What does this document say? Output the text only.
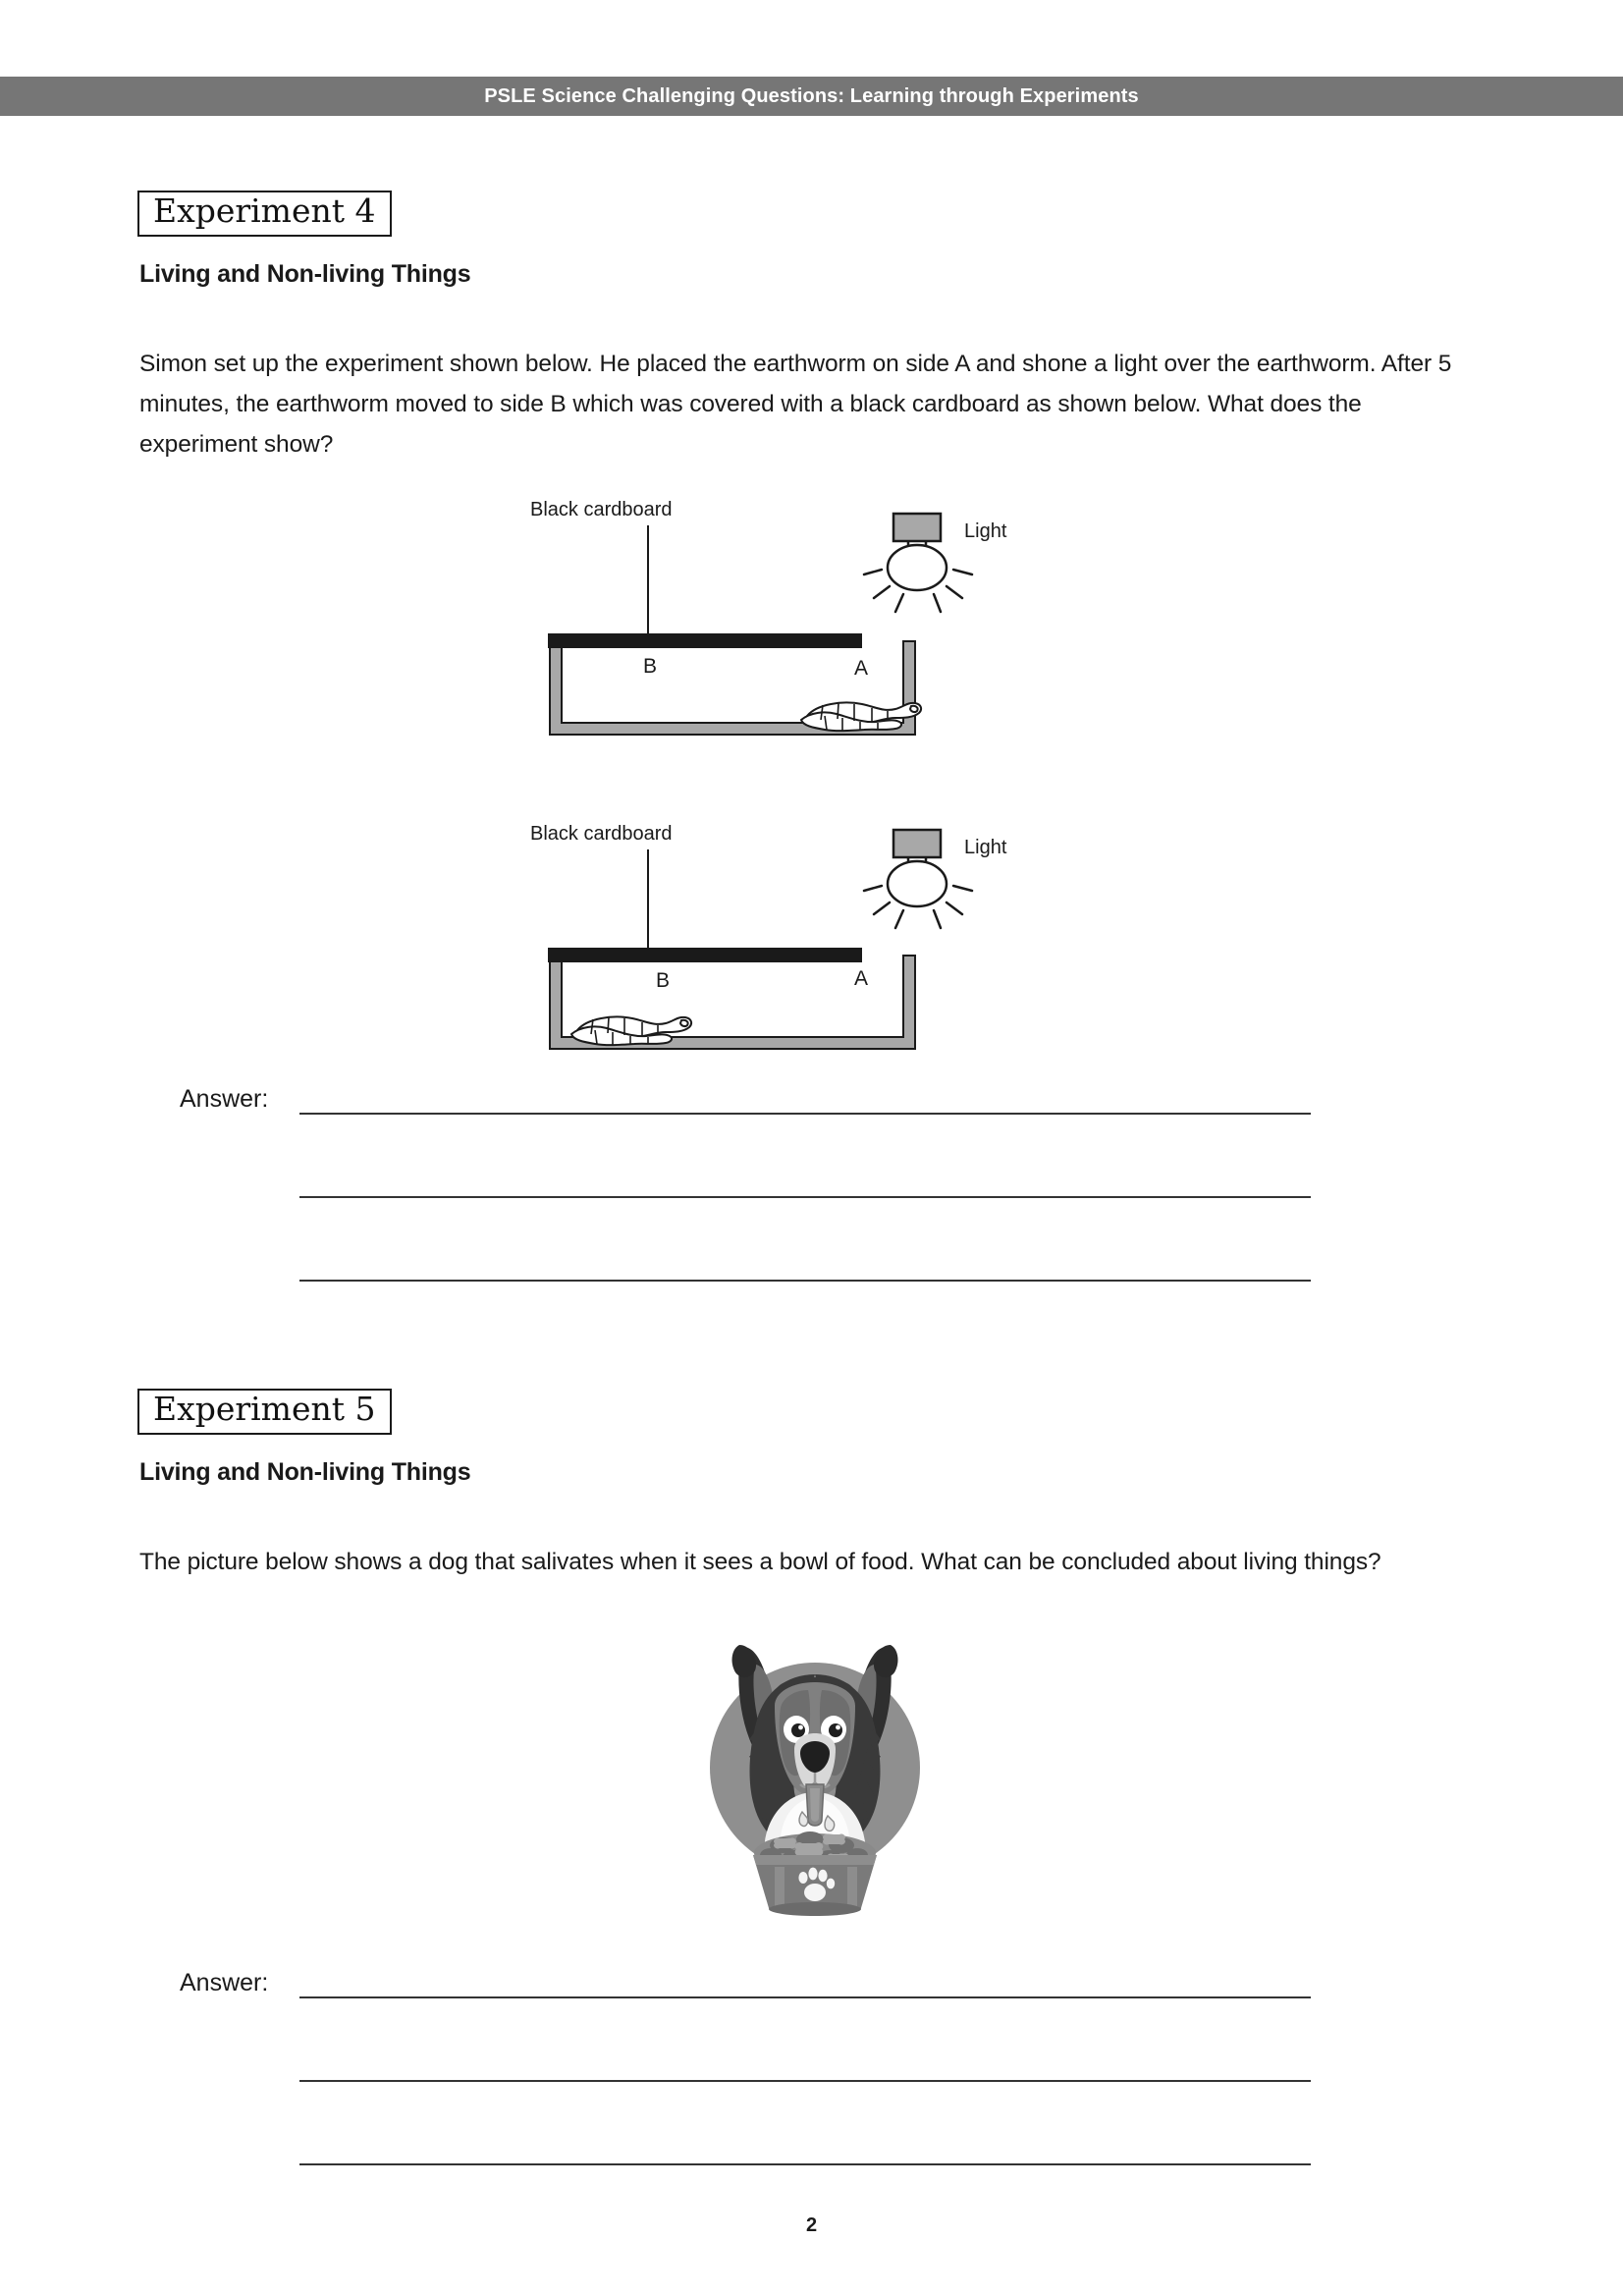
PSLE Science Challenging Questions: Learning through Experiments
Experiment 4
Living and Non-living Things
Simon set up the experiment shown below. He placed the earthworm on side A and shone a light over the earthworm. After 5 minutes, the earthworm moved to side B which was covered with a black cardboard as shown below. What does the experiment show?
Black cardboard
Light
B	A
Black cardboard
Light
B	A
Answer:
Experiment 5
Living and Non-living Things
The picture below shows a dog that salivates when it sees a bowl of food. What can be concluded about living things?
Answer:
2
